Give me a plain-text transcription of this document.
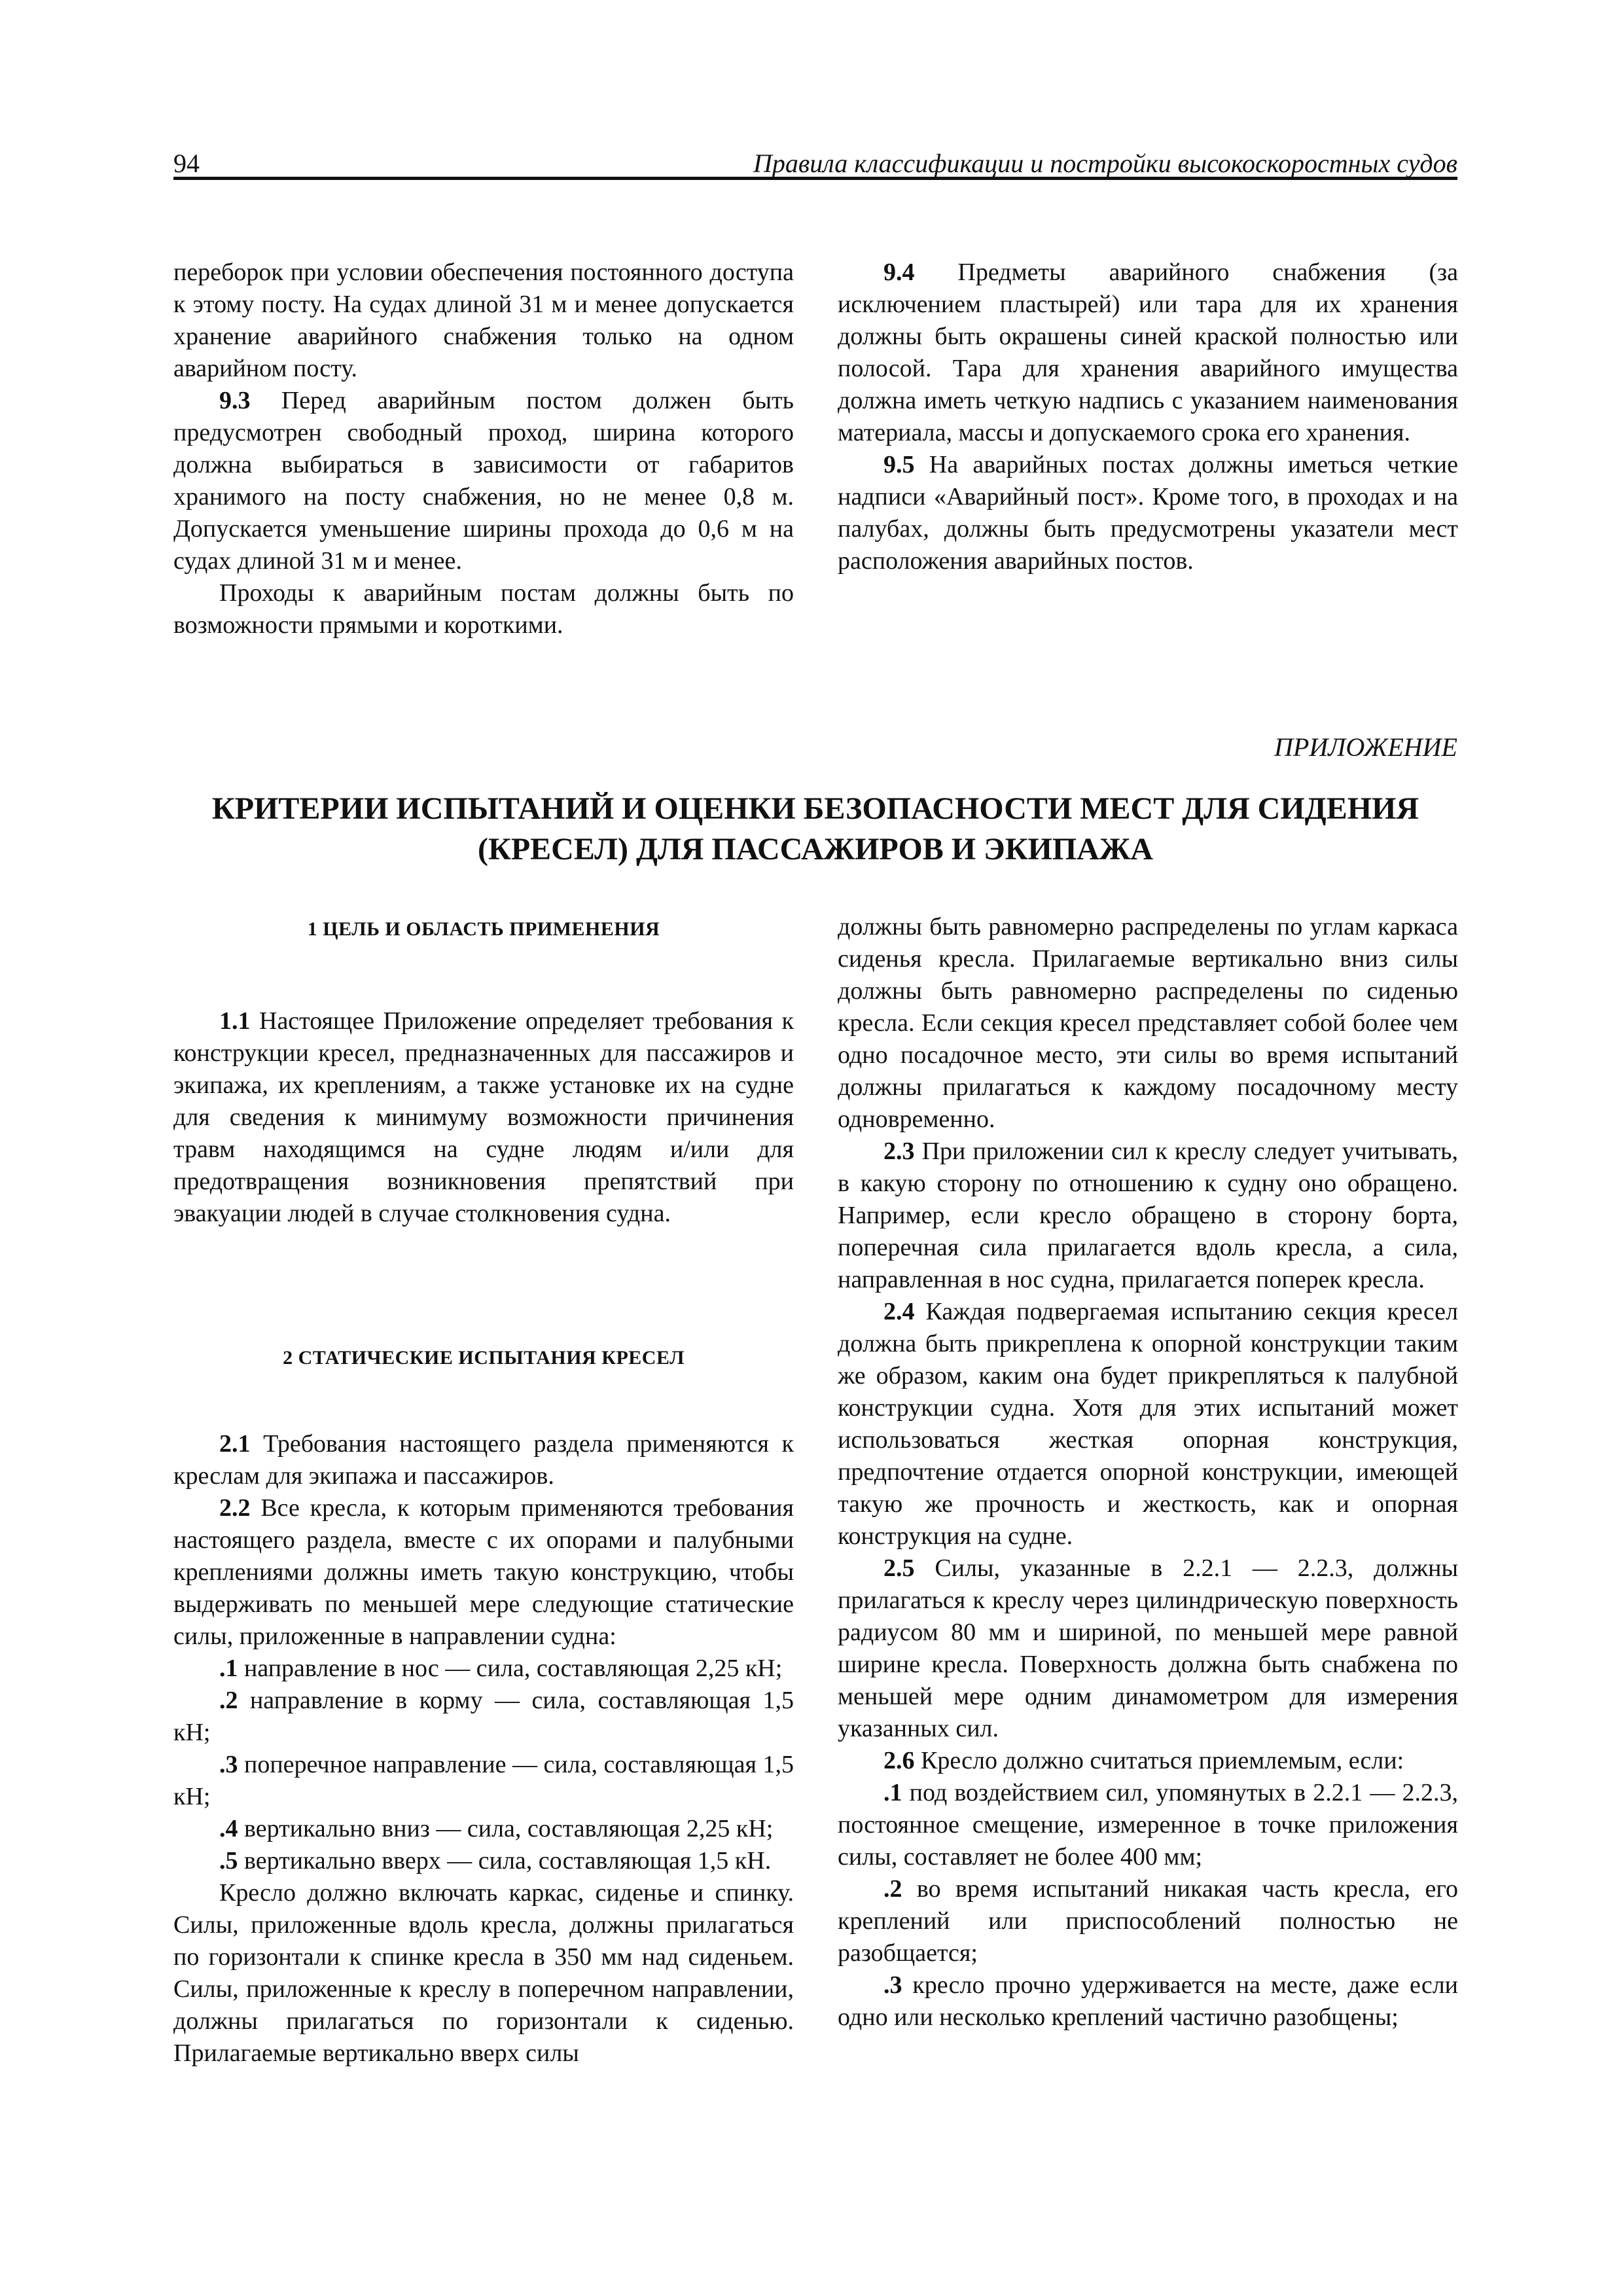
94	Правила классификации и постройки высокоскоростных судов

переборок при условии обеспечения постоянного доступа к этому посту. На судах длиной 31 м и менее допускается хранение аварийного снабжения только на одном аварийном посту.

9.3 Перед аварийным постом должен быть предусмотрен свободный проход, ширина которого должна выбираться в зависимости от габаритов хранимого на посту снабжения, но не менее 0,8 м. Допускается уменьшение ширины прохода до 0,6 м на судах длиной 31 м и менее.

Проходы к аварийным постам должны быть по возможности прямыми и короткими.

9.4 Предметы аварийного снабжения (за исключением пластырей) или тара для их хранения должны быть окрашены синей краской полностью или полосой. Тара для хранения аварийного имущества должна иметь четкую надпись с указанием наименования материала, массы и допускаемого срока его хранения.

9.5 На аварийных постах должны иметься четкие надписи «Аварийный пост». Кроме того, в проходах и на палубах, должны быть предусмотрены указатели мест расположения аварийных постов.

ПРИЛОЖЕНИЕ
КРИТЕРИИ ИСПЫТАНИЙ И ОЦЕНКИ БЕЗОПАСНОСТИ МЕСТ ДЛЯ СИДЕНИЯ
(КРЕСЕЛ) ДЛЯ ПАССАЖИРОВ И ЭКИПАЖА
1 ЦЕЛЬ И ОБЛАСТЬ ПРИМЕНЕНИЯ

1.1 Настоящее Приложение определяет требования к конструкции кресел, предназначенных для пассажиров и экипажа, их креплениям, а также установке их на судне для сведения к минимуму возможности причинения травм находящимся на судне людям и/или для предотвращения возникновения препятствий при эвакуации людей в случае столкновения судна.

2 СТАТИЧЕСКИЕ ИСПЫТАНИЯ КРЕСЕЛ

2.1 Требования настоящего раздела применяются к креслам для экипажа и пассажиров.

2.2 Все кресла, к которым применяются требования настоящего раздела, вместе с их опорами и палубными креплениями должны иметь такую конструкцию, чтобы выдерживать по меньшей мере следующие статические силы, приложенные в направлении судна:

.1 направление в нос — сила, составляющая 2,25 кН;

.2 направление в корму — сила, составляющая 1,5 кН;

.3 поперечное направление — сила, составляющая 1,5 кН;

.4 вертикально вниз — сила, составляющая 2,25 кН;

.5 вертикально вверх — сила, составляющая 1,5 кН.

Кресло должно включать каркас, сиденье и спинку. Силы, приложенные вдоль кресла, должны прилагаться по горизонтали к спинке кресла в 350 мм над сиденьем. Силы, приложенные к креслу в поперечном направлении, должны прилагаться по горизонтали к сиденью. Прилагаемые вертикально вверх силы

должны быть равномерно распределены по углам каркаса сиденья кресла. Прилагаемые вертикально вниз силы должны быть равномерно распределены по сиденью кресла. Если секция кресел представляет собой более чем одно посадочное место, эти силы во время испытаний должны прилагаться к каждому посадочному месту одновременно.

2.3 При приложении сил к креслу следует учитывать, в какую сторону по отношению к судну оно обращено. Например, если кресло обращено в сторону борта, поперечная сила прилагается вдоль кресла, а сила, направленная в нос судна, прилагается поперек кресла.

2.4 Каждая подвергаемая испытанию секция кресел должна быть прикреплена к опорной конструкции таким же образом, каким она будет прикрепляться к палубной конструкции судна. Хотя для этих испытаний может использоваться жесткая опорная конструкция, предпочтение отдается опорной конструкции, имеющей такую же прочность и жесткость, как и опорная конструкция на судне.

2.5 Силы, указанные в 2.2.1 — 2.2.3, должны прилагаться к креслу через цилиндрическую поверхность радиусом 80 мм и шириной, по меньшей мере равной ширине кресла. Поверхность должна быть снабжена по меньшей мере одним динамометром для измерения указанных сил.

2.6 Кресло должно считаться приемлемым, если:

.1 под воздействием сил, упомянутых в 2.2.1 — 2.2.3, постоянное смещение, измеренное в точке приложения силы, составляет не более 400 мм;

.2 во время испытаний никакая часть кресла, его креплений или приспособлений полностью не разобщается;

.3 кресло прочно удерживается на месте, даже если одно или несколько креплений частично разобщены;
